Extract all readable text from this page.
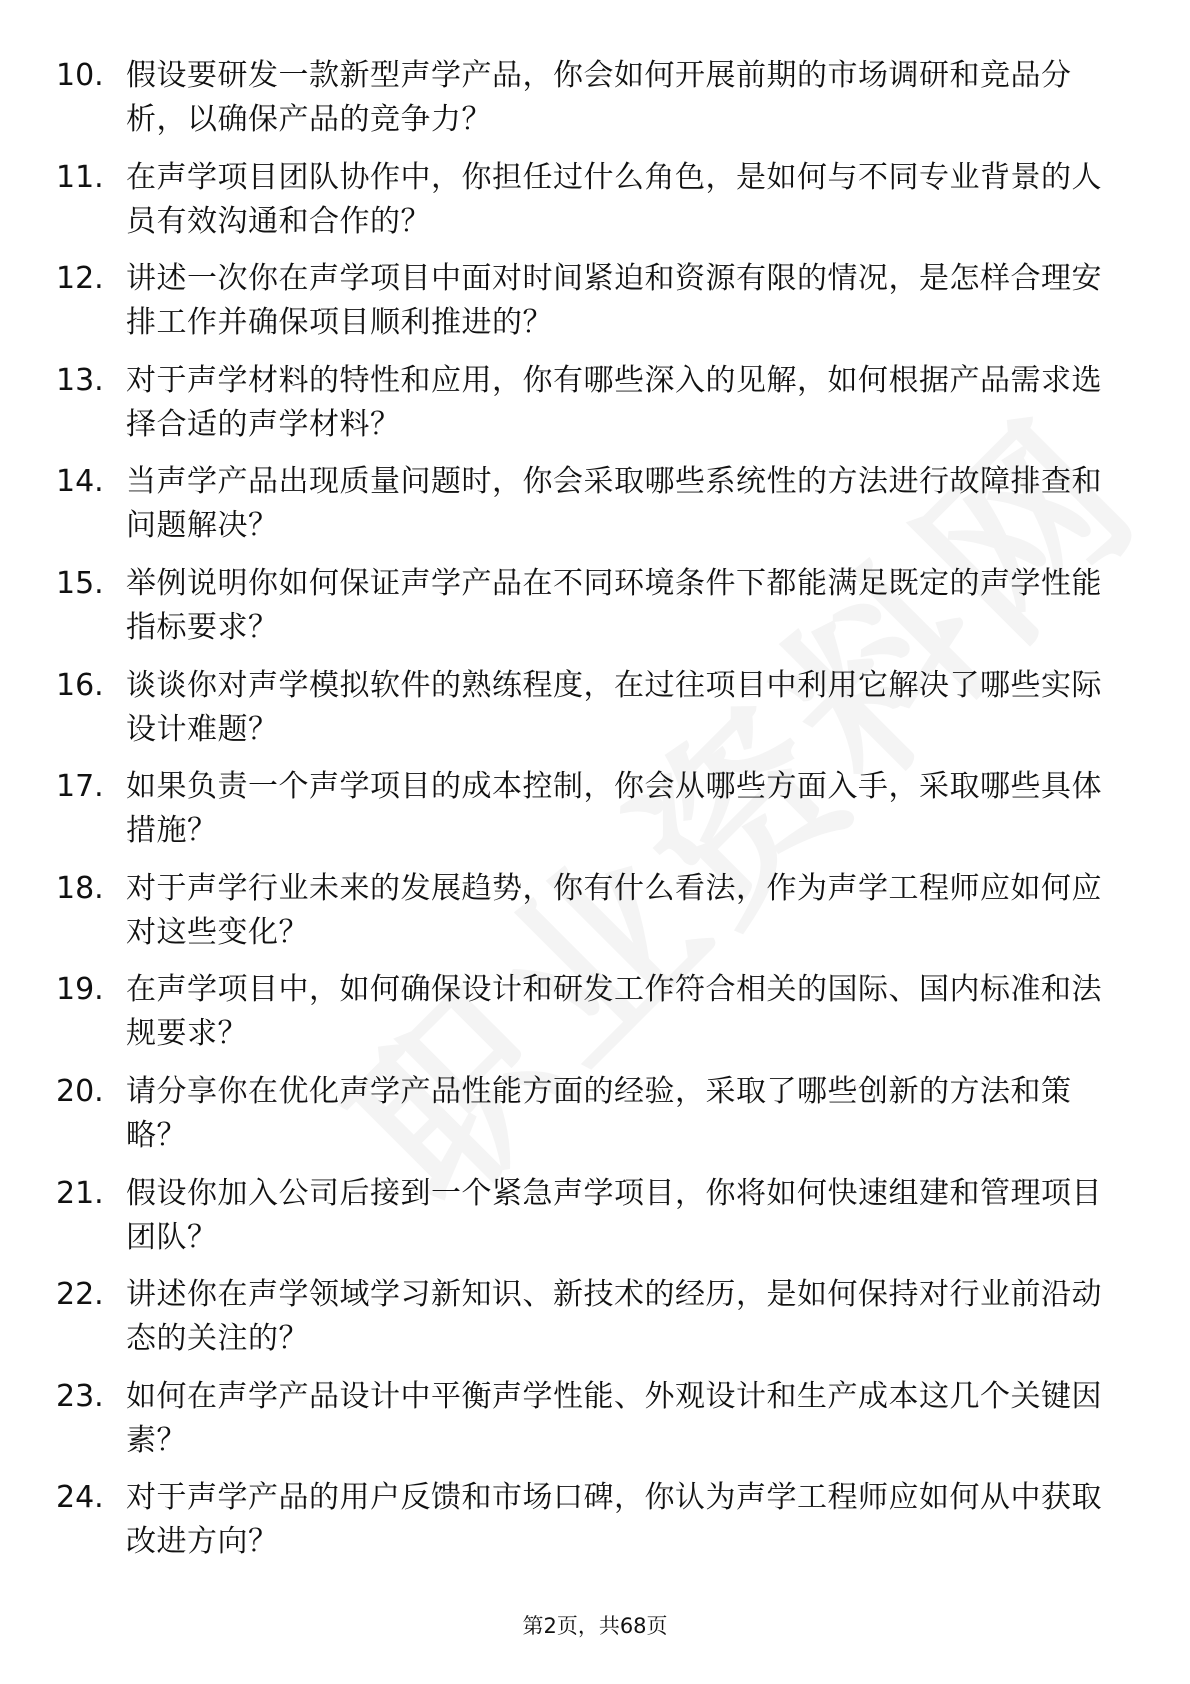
10. 假设要研发一款新型声学产品，你会如何开展前期的市场调研和竞品分析，以确保产品的竞争力？
11. 在声学项目团队协作中，你担任过什么角色，是如何与不同专业背景的人员有效沟通和合作的？
12. 讲述一次你在声学项目中面对时间紧迫和资源有限的情况，是怎样合理安排工作并确保项目顺利推进的？
13. 对于声学材料的特性和应用，你有哪些深入的见解，如何根据产品需求选择合适的声学材料？
14. 当声学产品出现质量问题时，你会采取哪些系统性的方法进行故障排查和问题解决？
15. 举例说明你如何保证声学产品在不同环境条件下都能满足既定的声学性能指标要求？
16. 谈谈你对声学模拟软件的熟练程度，在过往项目中利用它解决了哪些实际设计难题？
17. 如果负责一个声学项目的成本控制，你会从哪些方面入手，采取哪些具体措施？
18. 对于声学行业未来的发展趋势，你有什么看法，作为声学工程师应如何应对这些变化？
19. 在声学项目中，如何确保设计和研发工作符合相关的国际、国内标准和法规要求？
20. 请分享你在优化声学产品性能方面的经验，采取了哪些创新的方法和策略？
21. 假设你加入公司后接到一个紧急声学项目，你将如何快速组建和管理项目团队？
22. 讲述你在声学领域学习新知识、新技术的经历，是如何保持对行业前沿动态的关注的？
23. 如何在声学产品设计中平衡声学性能、外观设计和生产成本这几个关键因素？
24. 对于声学产品的用户反馈和市场口碑，你认为声学工程师应如何从中获取改进方向？
第2页，共68页
